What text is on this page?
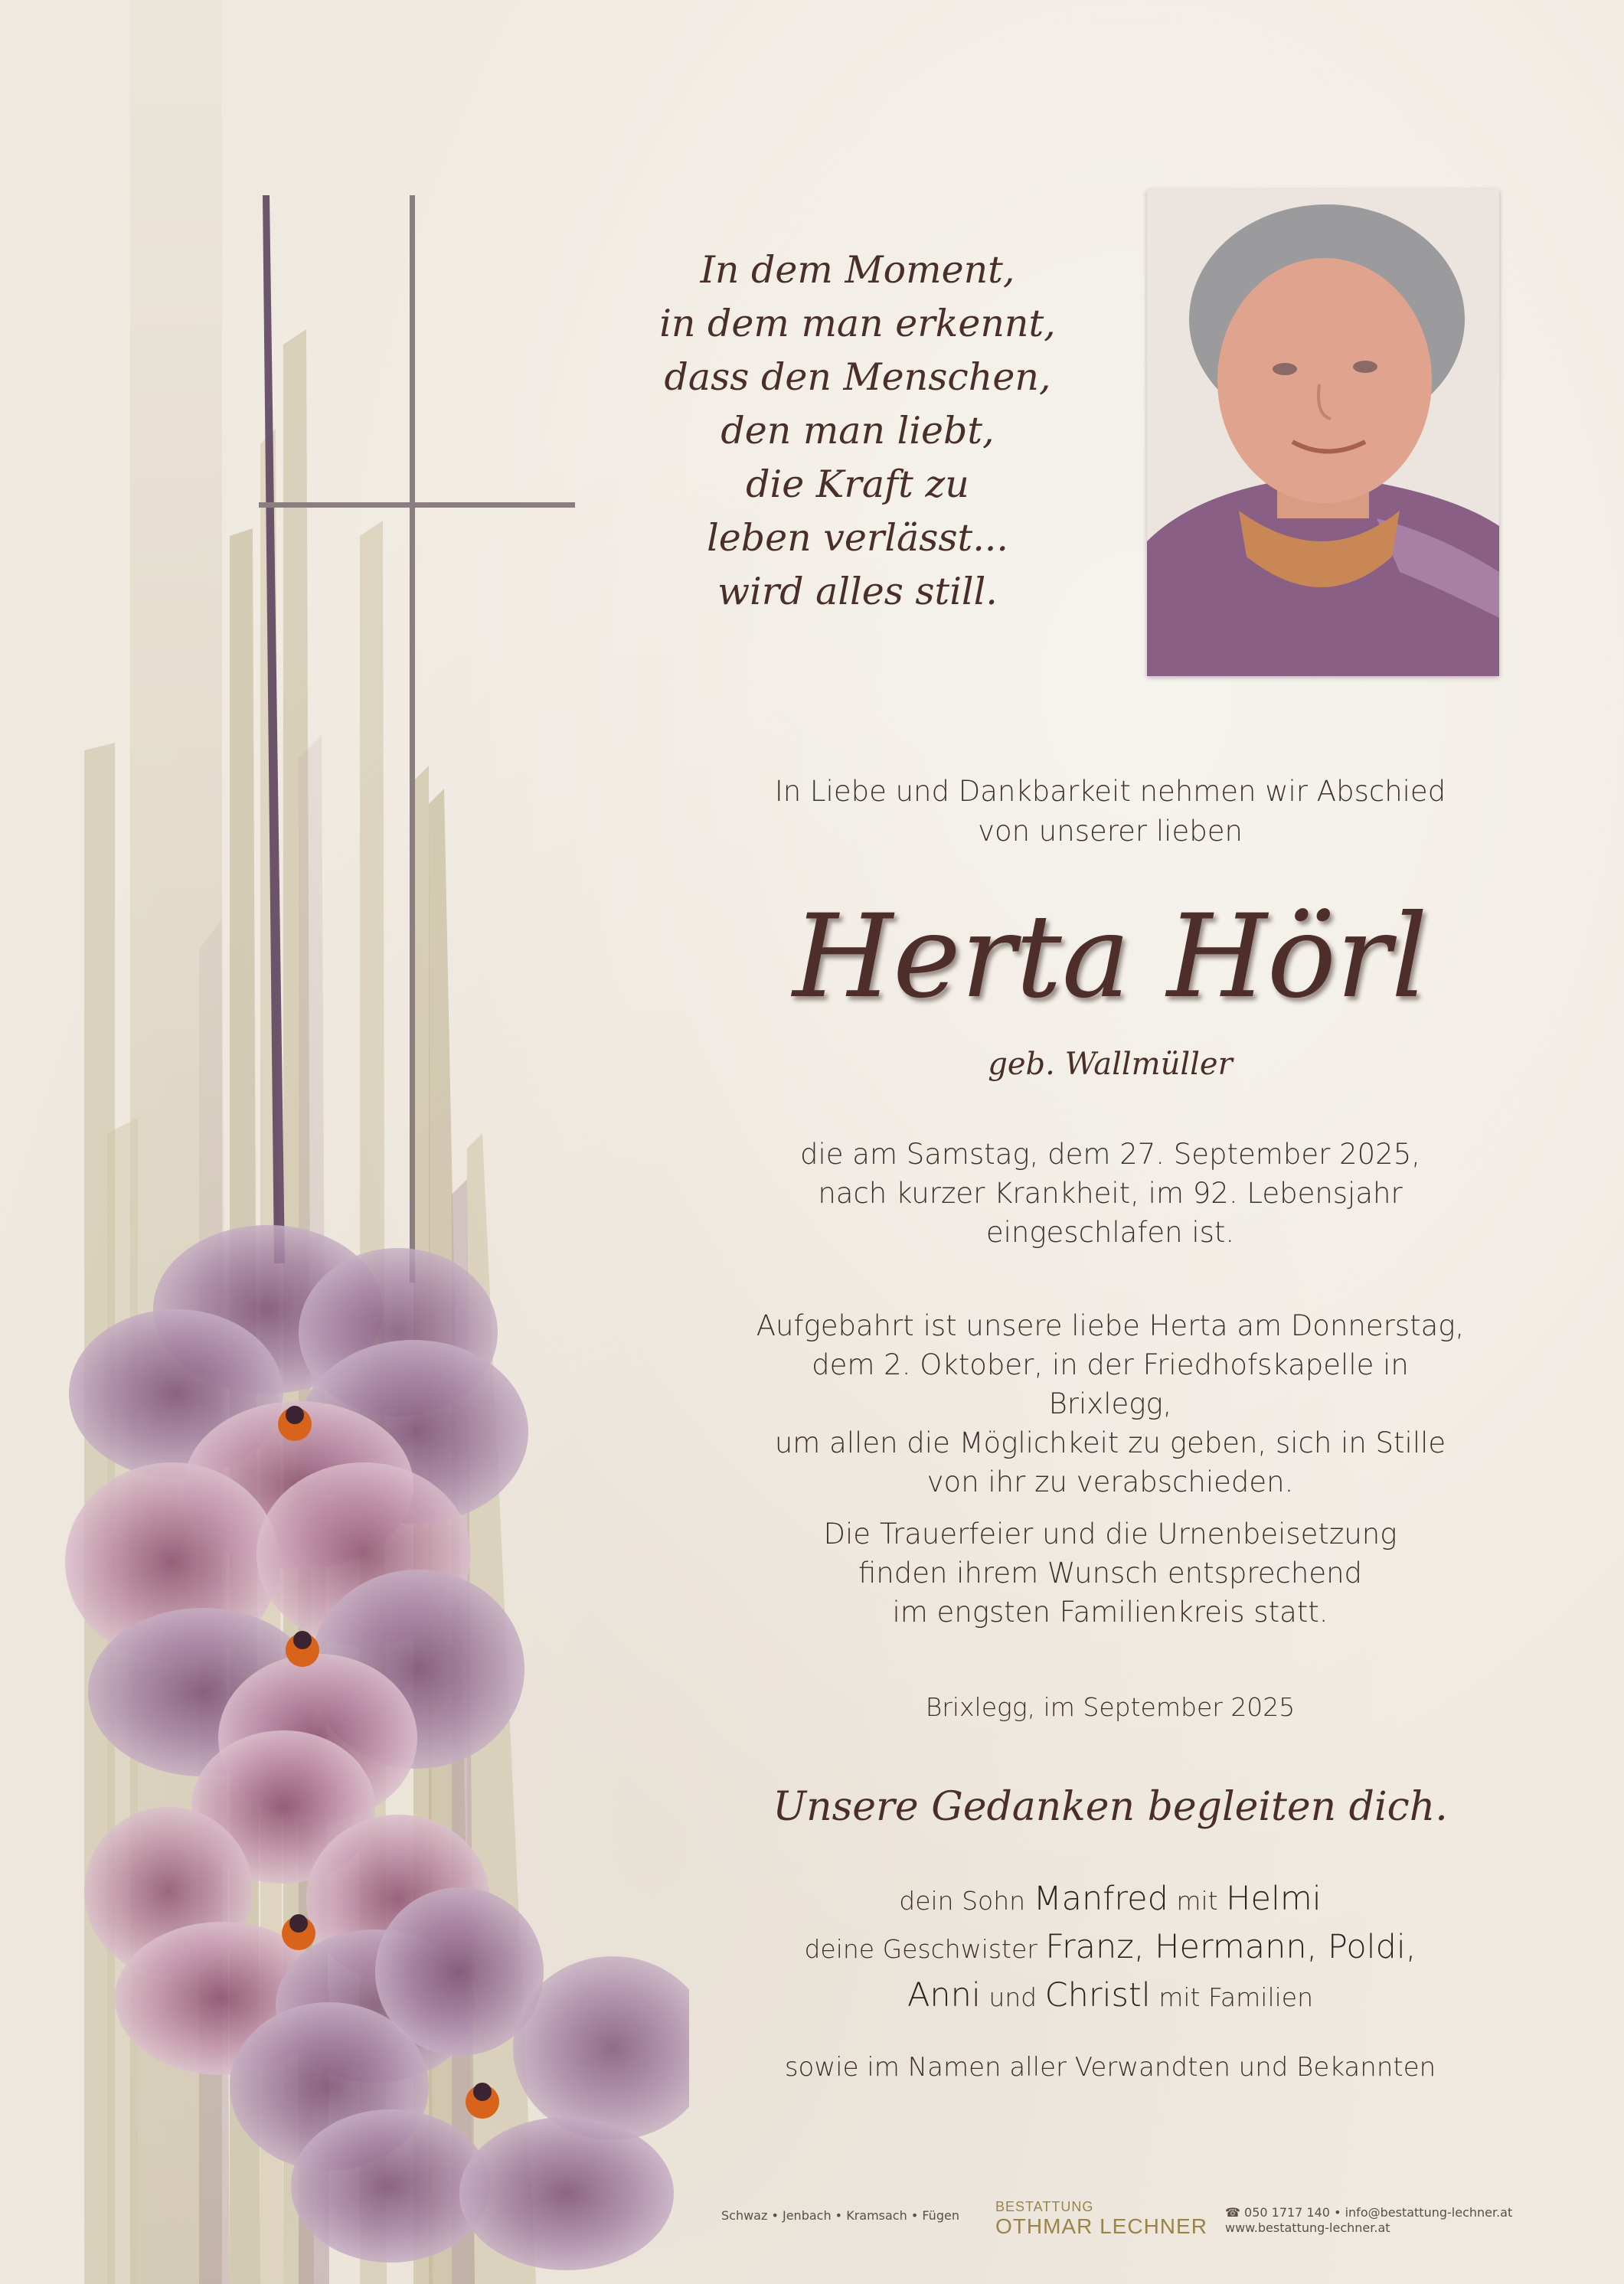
In dem Moment,
in dem man erkennt,
dass den Menschen,
den man liebt,
die Kraft zu
leben verlässt...
wird alles still.
In Liebe und Dankbarkeit nehmen wir Abschied
von unserer lieben
Herta Hörl
geb. Wallmüller
die am Samstag, dem 27. September 2025,
nach kurzer Krankheit, im 92. Lebensjahr
eingeschlafen ist.
Aufgebahrt ist unsere liebe Herta am Donnerstag,
dem 2. Oktober, in der Friedhofskapelle in Brixlegg,
um allen die Möglichkeit zu geben, sich in Stille
von ihr zu verabschieden.
Die Trauerfeier und die Urnenbeisetzung
finden ihrem Wunsch entsprechend
im engsten Familienkreis statt.
Brixlegg, im September 2025
Unsere Gedanken begleiten dich.
dein Sohn Manfred mit Helmi
deine Geschwister Franz, Hermann, Poldi,
Anni und Christl mit Familien
sowie im Namen aller Verwandten und Bekannten
Schwaz • Jenbach • Kramsach • Fügen
BESTATTUNG
OTHMAR LECHNER
☎ 050 1717 140 • info@bestattung-lechner.at
www.bestattung-lechner.at
